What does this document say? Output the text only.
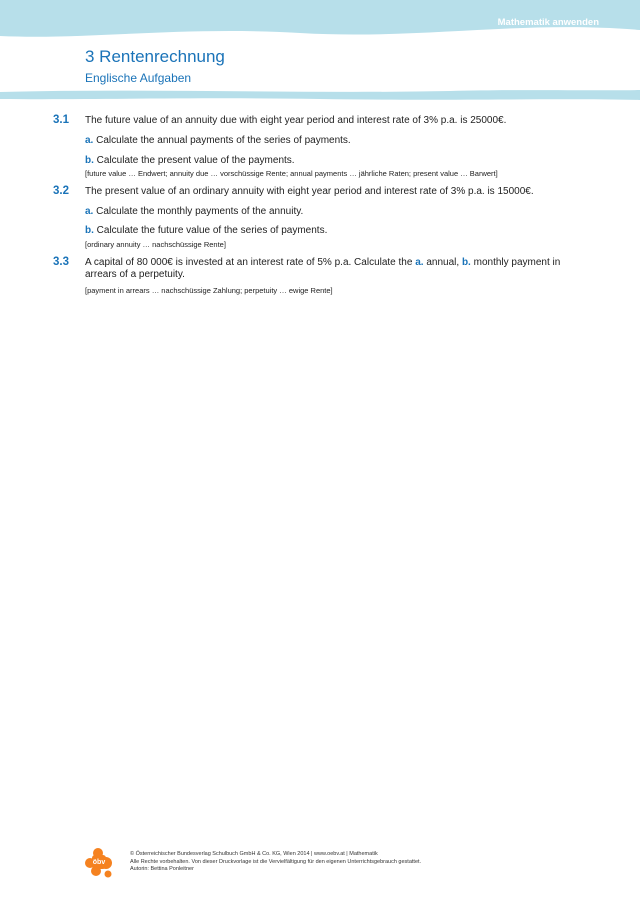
Mathematik anwenden
3 Rentenrechnung
Englische Aufgaben
3.1 The future value of an annuity due with eight year period and interest rate of 3% p.a. is 25000€.
a. Calculate the annual payments of the series of payments.
b. Calculate the present value of the payments.
[future value … Endwert; annuity due … vorschüssige Rente; annual payments … jährliche Raten; present value … Barwert]
3.2 The present value of an ordinary annuity with eight year period and interest rate of 3% p.a. is 15000€.
a. Calculate the monthly payments of the annuity.
b. Calculate the future value of the series of payments.
[ordinary annuity … nachschüssige Rente]
3.3 A capital of 80 000€ is invested at an interest rate of 5% p.a. Calculate the a. annual, b. monthly payment in arrears of a perpetuity.
[payment in arrears … nachschüssige Zahlung; perpetuity … ewige Rente]
öbv
© Österreichischer Bundesverlag Schulbuch GmbH & Co. KG, Wien 2014 | www.oebv.at | Mathematik
Alle Rechte vorbehalten. Von dieser Druckvorlage ist die Vervielfältigung für den eigenen Unterrichtsgebrauch gestattet.
Autorin: Bettina Ponleitner
